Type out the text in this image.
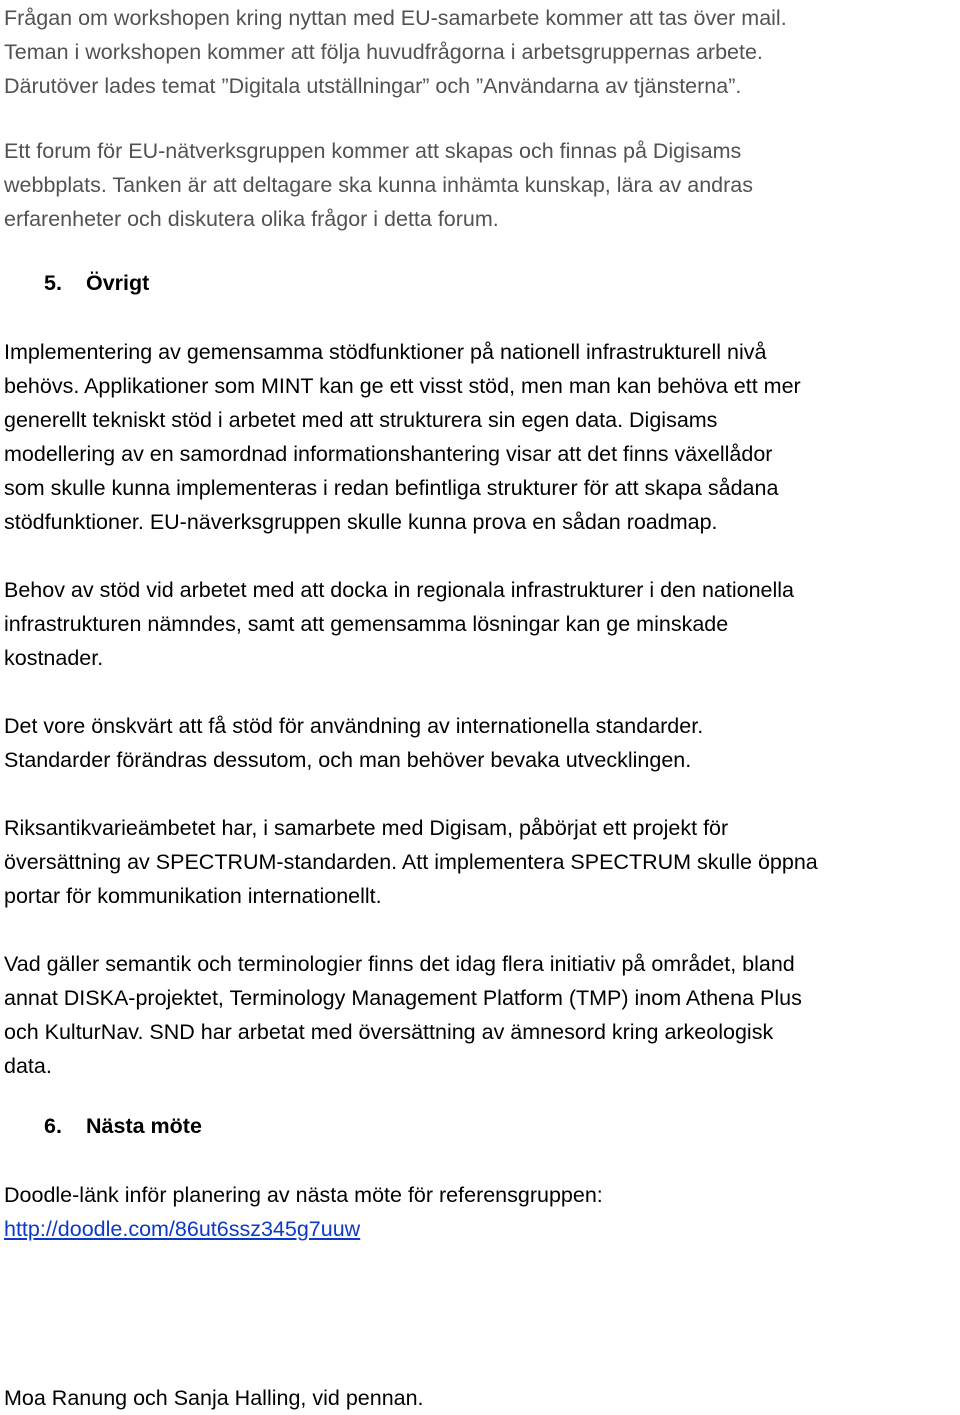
Frågan om workshopen kring nyttan med EU-samarbete kommer att tas över mail.
Teman i workshopen kommer att följa huvudfrågorna i arbetsgruppernas arbete.
Därutöver lades temat ”Digitala utställningar” och ”Användarna av tjänsterna”.
Ett forum för EU-nätverksgruppen kommer att skapas och finnas på Digisams
webbplats. Tanken är att deltagare ska kunna inhämta kunskap, lära av andras
erfarenheter och diskutera olika frågor i detta forum.
5. Övrigt
Implementering av gemensamma stödfunktioner på nationell infrastrukturell nivå
behövs. Applikationer som MINT kan ge ett visst stöd, men man kan behöva ett mer
generellt tekniskt stöd i arbetet med att strukturera sin egen data. Digisams
modellering av en samordnad informationshantering visar att det finns växellådor
som skulle kunna implementeras i redan befintliga strukturer för att skapa sådana
stödfunktioner. EU-näverksgruppen skulle kunna prova en sådan roadmap.
Behov av stöd vid arbetet med att docka in regionala infrastrukturer i den nationella
infrastrukturen nämndes, samt att gemensamma lösningar kan ge minskade
kostnader.
Det vore önskvärt att få stöd för användning av internationella standarder.
Standarder förändras dessutom, och man behöver bevaka utvecklingen.
Riksantikvarieämbetet har, i samarbete med Digisam, påbörjat ett projekt för
översättning av SPECTRUM-standarden. Att implementera SPECTRUM skulle öppna
portar för kommunikation internationellt.
Vad gäller semantik och terminologier finns det idag flera initiativ på området, bland
annat DISKA-projektet, Terminology Management Platform (TMP) inom Athena Plus
och KulturNav. SND har arbetat med översättning av ämnesord kring arkeologisk
data.
6. Nästa möte
Doodle-länk inför planering av nästa möte för referensgruppen:
http://doodle.com/86ut6ssz345g7uuw
Moa Ranung och Sanja Halling, vid pennan.
